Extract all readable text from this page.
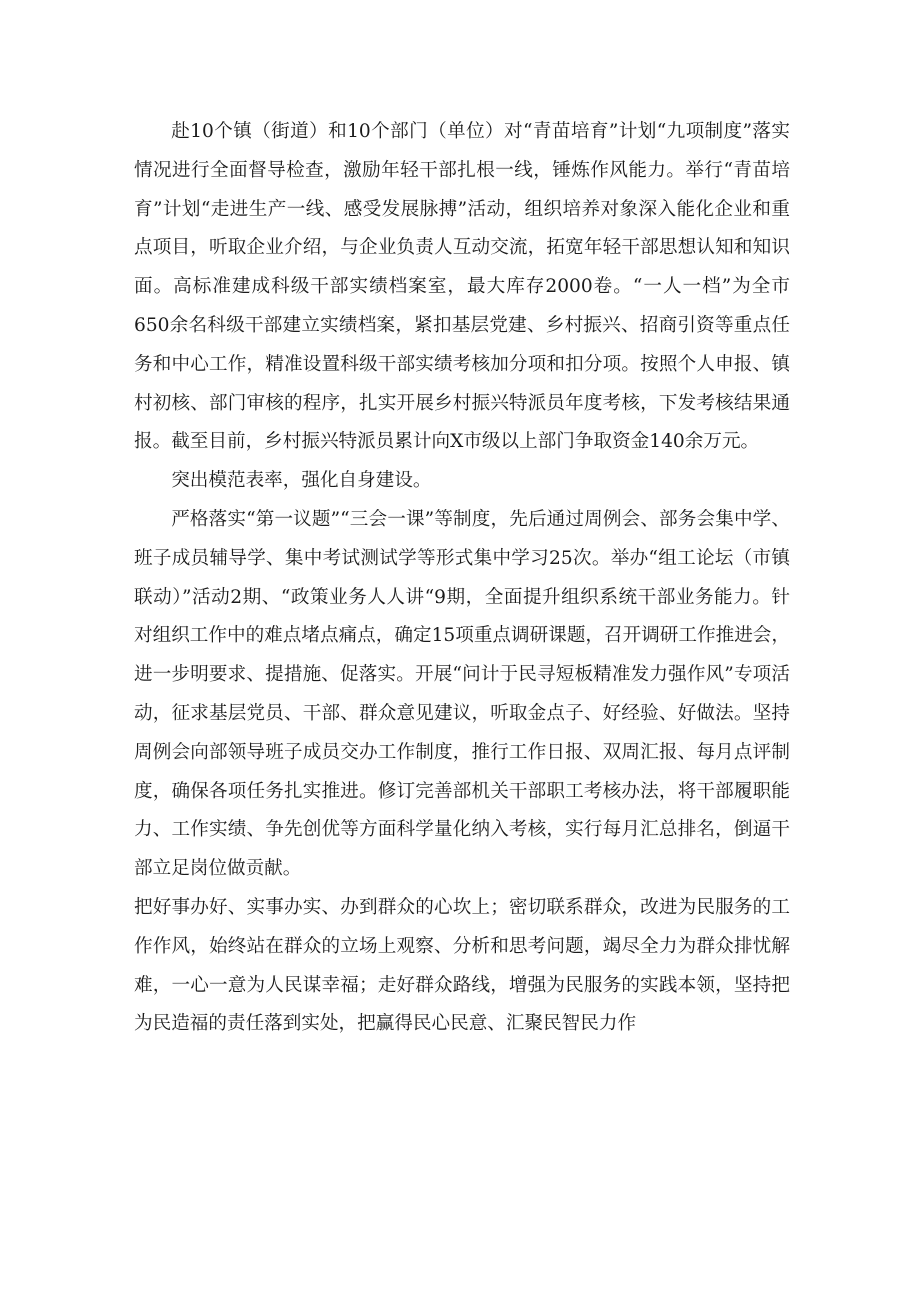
赴10个镇（街道）和10个部门（单位）对“青苗培育”计划“九项制度”落实情况进行全面督导检查，激励年轻干部扎根一线，锤炼作风能力。举行“青苗培育”计划“走进生产一线、感受发展脉搏”活动，组织培养对象深入能化企业和重点项目，听取企业介绍，与企业负责人互动交流，拓宽年轻干部思想认知和知识面。高标准建成科级干部实绩档案室，最大库存2000卷。“一人一档”为全市650余名科级干部建立实绩档案，紧扣基层党建、乡村振兴、招商引资等重点任务和中心工作，精准设置科级干部实绩考核加分项和扣分项。按照个人申报、镇村初核、部门审核的程序，扎实开展乡村振兴特派员年度考核，下发考核结果通报。截至目前，乡村振兴特派员累计向X市级以上部门争取资金140余万元。

突出模范表率，强化自身建设。

严格落实“第一议题”“三会一课”等制度，先后通过周例会、部务会集中学、班子成员辅导学、集中考试测试学等形式集中学习25次。举办“组工论坛（市镇联动）”活动2期、“政策业务人人讲“9期，全面提升组织系统干部业务能力。针对组织工作中的难点堵点痛点，确定15项重点调研课题，召开调研工作推进会，进一步明要求、提措施、促落实。开展“问计于民寻短板精准发力强作风”专项活动，征求基层党员、干部、群众意见建议，听取金点子、好经验、好做法。坚持周例会向部领导班子成员交办工作制度，推行工作日报、双周汇报、每月点评制度，确保各项任务扎实推进。修订完善部机关干部职工考核办法，将干部履职能力、工作实绩、争先创优等方面科学量化纳入考核，实行每月汇总排名，倒逼干部立足岗位做贡献。

把好事办好、实事办实、办到群众的心坎上；密切联系群众，改进为民服务的工作作风，始终站在群众的立场上观察、分析和思考问题，竭尽全力为群众排忧解难，一心一意为人民谋幸福；走好群众路线，增强为民服务的实践本领，坚持把为民造福的责任落到实处，把赢得民心民意、汇聚民智民力作
